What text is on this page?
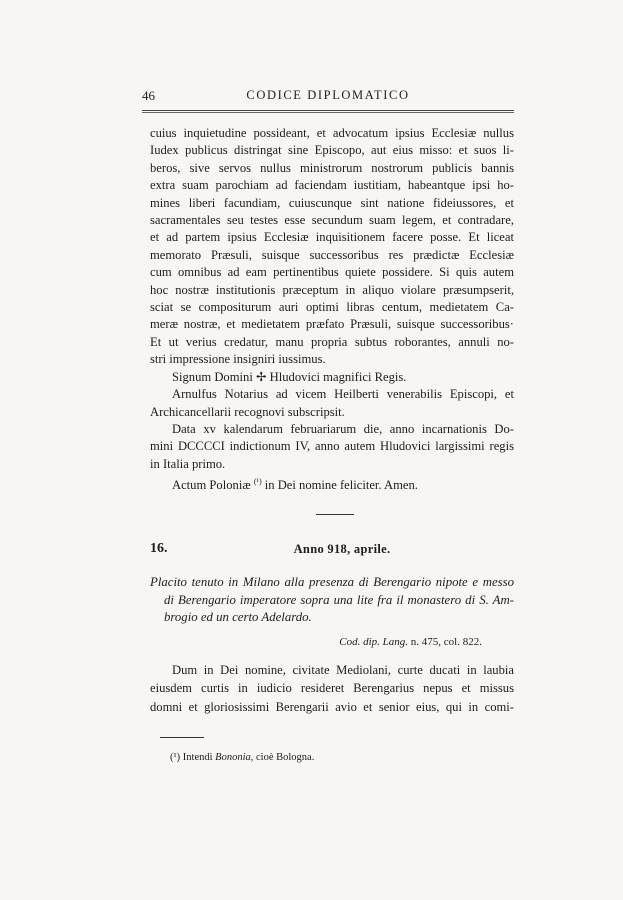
46	CODICE DIPLOMATICO

cuius inquietudine possideant, et advocatum ipsius Ecclesiæ nullus
Iudex publicus distringat sine Episcopo, aut eius misso: et suos li-
beros, sive servos nullus ministrorum nostrorum publicis bannis
extra suam parochiam ad faciendam iustitiam, habeantque ipsi ho-
mines liberi facundiam, cuiuscunque sint natione fideiussores, et
sacramentales seu testes esse secundum suam legem, et contradare,
et ad partem ipsius Ecclesiæ inquisitionem facere posse. Et liceat
memorato Præsuli, suisque successoribus res prædictæ Ecclesiæ
cum omnibus ad eam pertinentibus quiete possidere. Si quis autem
hoc nostræ institutionis præceptum in aliquo violare præsumpserit,
sciat se compositurum auri optimi libras centum, medietatem Ca-
meræ nostræ, et medietatem præfato Præsuli, suisque successoribus·
Et ut verius credatur, manu propria subtus roborantes, annuli no-
stri impressione insigniri iussimus.

Signum Domini ✢ Hludovici magnifici Regis.

Arnulfus Notarius ad vicem Heilberti venerabilis Episcopi, et
Archicancellarii recognovi subscripsit.

Data xv kalendarum februariarum die, anno incarnationis Do-
mini DCCCCI indictionum IV, anno autem Hludovici largissimi regis
in Italia primo.

Actum Poloniæ $^{(^1)}$ in Dei nomine feliciter. Amen.

16.	Anno 918, aprile.
Placito tenuto in Milano alla presenza di Berengario nipote e messo
di Berengario imperatore sopra una lite fra il monastero di S. Am-
brogio ed un certo Adelardo.
Cod. dip. Lang. n. 475, col. 822.
Dum in Dei nomine, civitate Mediolani, curte ducati in laubia
eiusdem curtis in iudicio resideret Berengarius nepus et missus
domni et gloriosissimi Berengarii avio et senior eius, qui in comi-
(¹) Intendi Bononia, cioè Bologna.
